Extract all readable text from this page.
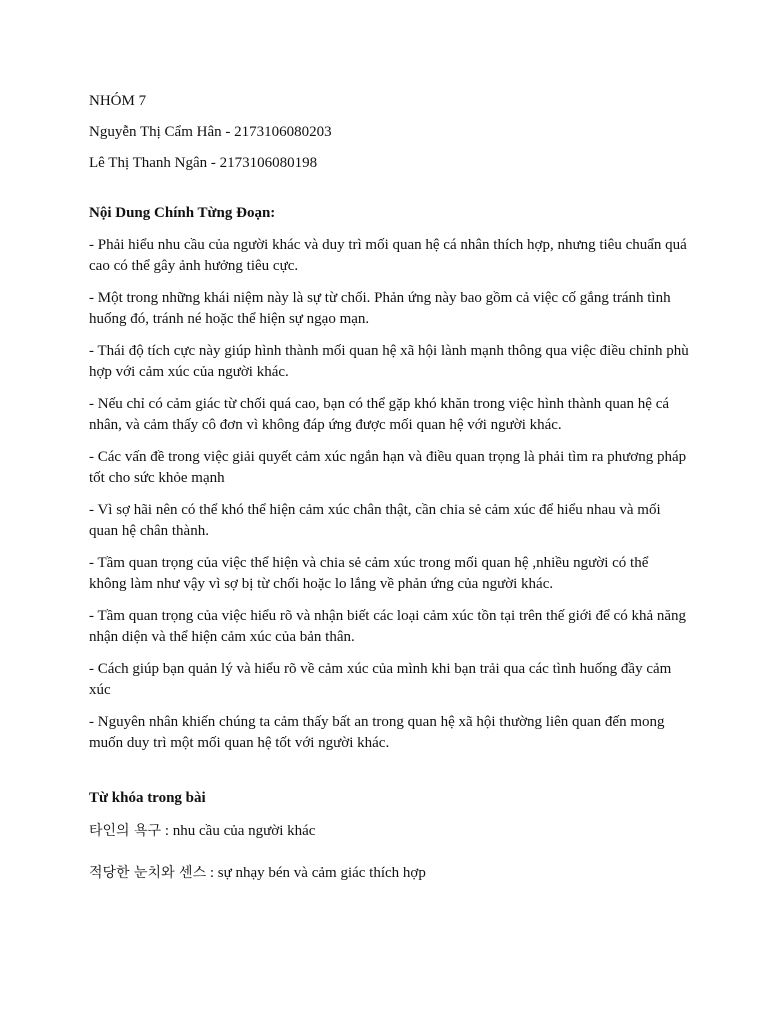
NHÓM 7

Nguyễn Thị Cẩm Hân - 2173106080203

Lê Thị Thanh Ngân - 2173106080198

Nội Dung Chính Từng Đoạn:

- Phải hiểu nhu cầu của người khác và duy trì mối quan hệ cá nhân thích hợp, nhưng tiêu chuẩn quá cao có thể gây ảnh hưởng tiêu cực.

- Một trong những khái niệm này là sự từ chối. Phản ứng này bao gồm cả việc cố gắng tránh tình huống đó, tránh né hoặc thể hiện sự ngạo mạn.

- Thái độ tích cực này giúp hình thành mối quan hệ xã hội lành mạnh thông qua việc điều chỉnh phù hợp với cảm xúc của người khác.

- Nếu chỉ có cảm giác từ chối quá cao, bạn có thể gặp khó khăn trong việc hình thành quan hệ cá nhân, và cảm thấy cô đơn vì không đáp ứng được mối quan hệ với người khác.

- Các vấn đề trong việc giải quyết cảm xúc ngắn hạn và điều quan trọng là phải tìm ra phương pháp tốt cho sức khỏe mạnh

- Vì sợ hãi nên có thể khó thể hiện cảm xúc chân thật, cần chia sẻ cảm xúc để hiểu nhau và mối quan hệ chân thành.

- Tầm quan trọng của việc thể hiện và chia sẻ cảm xúc trong mối quan hệ ,nhiều người có thể không làm như vậy vì sợ bị từ chối hoặc lo lắng về phản ứng của người khác.

- Tầm quan trọng của việc hiểu rõ và nhận biết các loại cảm xúc tồn tại trên thế giới để có khả năng nhận diện và thể hiện cảm xúc của bản thân.

- Cách giúp bạn quản lý và hiểu rõ về cảm xúc của mình khi bạn trải qua các tình huống đầy cảm xúc

- Nguyên nhân khiến chúng ta cảm thấy bất an trong quan hệ xã hội thường liên quan đến mong muốn duy trì một mối quan hệ tốt với người khác.

Từ khóa trong bài

타인의 욕구 : nhu cầu của người khác

적당한 눈치와 센스 : sự nhạy bén và cảm giác thích hợp
